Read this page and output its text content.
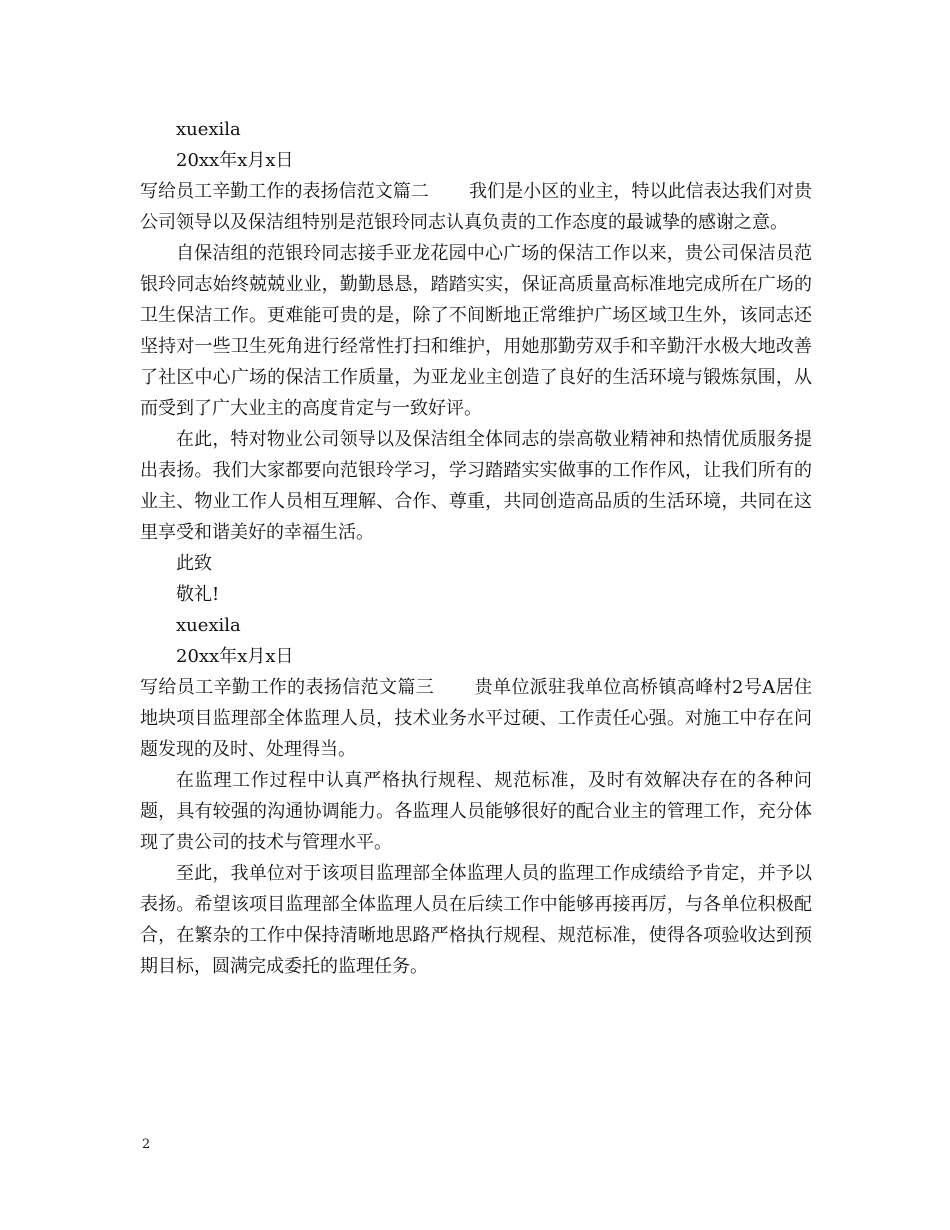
xuexila

20xx年x月x日

写给员工辛勤工作的表扬信范文篇二 我们是小区的业主，特以此信表达我们对贵公司领导以及保洁组特别是范银玲同志认真负责的工作态度的最诚挚的感谢之意。

自保洁组的范银玲同志接手亚龙花园中心广场的保洁工作以来，贵公司保洁员范银玲同志始终兢兢业业，勤勤恳恳，踏踏实实，保证高质量高标准地完成所在广场的卫生保洁工作。更难能可贵的是，除了不间断地正常维护广场区域卫生外，该同志还坚持对一些卫生死角进行经常性打扫和维护，用她那勤劳双手和辛勤汗水极大地改善了社区中心广场的保洁工作质量，为亚龙业主创造了良好的生活环境与锻炼氛围，从而受到了广大业主的高度肯定与一致好评。

在此，特对物业公司领导以及保洁组全体同志的崇高敬业精神和热情优质服务提出表扬。我们大家都要向范银玲学习，学习踏踏实实做事的工作作风，让我们所有的业主、物业工作人员相互理解、合作、尊重，共同创造高品质的生活环境，共同在这里享受和谐美好的幸福生活。

此致

敬礼!

xuexila

20xx年x月x日

写给员工辛勤工作的表扬信范文篇三 贵单位派驻我单位高桥镇高峰村2号A居住地块项目监理部全体监理人员，技术业务水平过硬、工作责任心强。对施工中存在问题发现的及时、处理得当。

在监理工作过程中认真严格执行规程、规范标准，及时有效解决存在的各种问题，具有较强的沟通协调能力。各监理人员能够很好的配合业主的管理工作，充分体现了贵公司的技术与管理水平。

至此，我单位对于该项目监理部全体监理人员的监理工作成绩给予肯定，并予以表扬。希望该项目监理部全体监理人员在后续工作中能够再接再厉，与各单位积极配合，在繁杂的工作中保持清晰地思路严格执行规程、规范标准，使得各项验收达到预期目标，圆满完成委托的监理任务。

2
